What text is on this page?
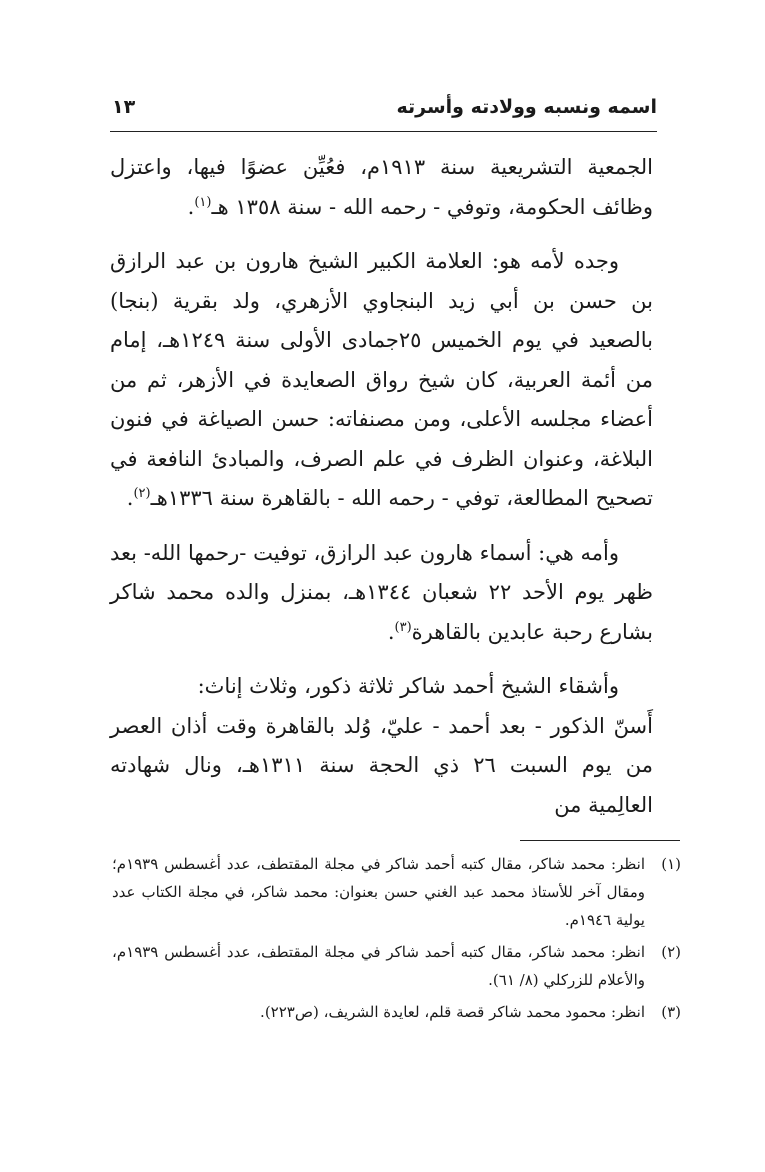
اسمه ونسبه وولادته وأسرته
١٣

الجمعية التشريعية سنة ١٩١٣م، فعُيِّن عضوًا فيها، واعتزل وظائف الحكومة، وتوفي - رحمه الله - سنة ١٣٥٨ هـ$^{(١)}$.

وجده لأمه هو: العلامة الكبير الشيخ هارون بن عبد الرازق بن حسن بن أبي زيد البنجاوي الأزهري، ولد بقرية (بنجا) بالصعيد في يوم الخميس ٢٥جمادى الأولى سنة ١٢٤٩هـ، إمام من أئمة العربية، كان شيخ رواق الصعايدة في الأزهر، ثم من أعضاء مجلسه الأعلى، ومن مصنفاته: حسن الصياغة في فنون البلاغة، وعنوان الظرف في علم الصرف، والمبادئ النافعة في تصحيح المطالعة، توفي - رحمه الله - بالقاهرة سنة ١٣٣٦هـ$^{(٢)}$.

وأمه هي: أسماء هارون عبد الرازق، توفيت -رحمها الله- بعد ظهر يوم الأحد ٢٢ شعبان ١٣٤٤هـ، بمنزل والده محمد شاكر بشارع رحبة عابدين بالقاهرة$^{(٣)}$.

وأشقاء الشيخ أحمد شاكر ثلاثة ذكور، وثلاث إناث:

أَسنّ الذكور - بعد أحمد - عليّ، وُلد بالقاهرة وقت أذان العصر من يوم السبت ٢٦ ذي الحجة سنة ١٣١١هـ، ونال شهادته العالِمية من

(١)
انظر: محمد شاكر، مقال كتبه أحمد شاكر في مجلة المقتطف، عدد أغسطس ١٩٣٩م؛ ومقال آخر للأستاذ محمد عبد الغني حسن بعنوان: محمد شاكر، في مجلة الكتاب عدد يولية ١٩٤٦م.
(٢)
انظر: محمد شاكر، مقال كتبه أحمد شاكر في مجلة المقتطف، عدد أغسطس ١٩٣٩م، والأعلام للزركلي (٨/ ٦١).
(٣)
انظر: محمود محمد شاكر قصة قلم، لعايدة الشريف، (ص٢٢٣).
